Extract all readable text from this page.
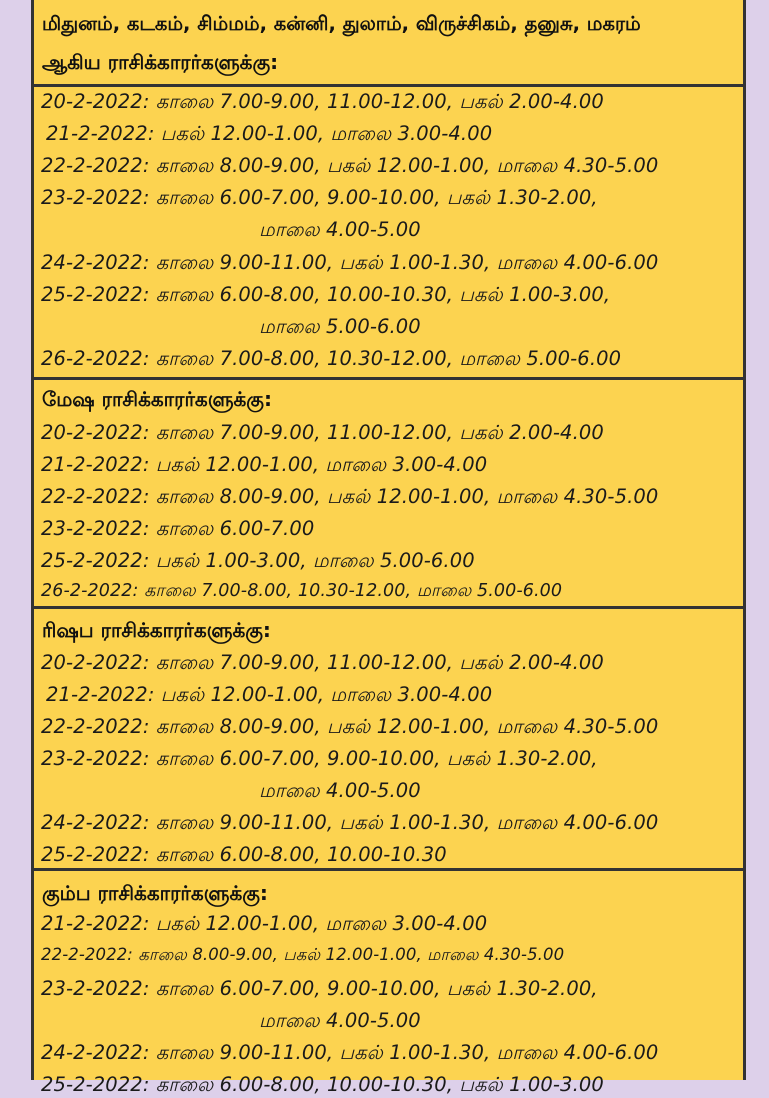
மிதுனம், கடகம், சிம்மம், கன்னி, துலாம், விருச்சிகம், தனுசு, மகரம்
ஆகிய ராசிக்காரர்களுக்கு:
20-2-2022: காலை 7.00-9.00, 11.00-12.00, பகல் 2.00-4.00
21-2-2022: பகல் 12.00-1.00, மாலை 3.00-4.00
22-2-2022: காலை 8.00-9.00, பகல் 12.00-1.00, மாலை 4.30-5.00
23-2-2022: காலை 6.00-7.00, 9.00-10.00, பகல் 1.30-2.00,
மாலை 4.00-5.00
24-2-2022: காலை 9.00-11.00, பகல் 1.00-1.30, மாலை 4.00-6.00
25-2-2022: காலை 6.00-8.00, 10.00-10.30, பகல் 1.00-3.00,
மாலை 5.00-6.00
26-2-2022: காலை 7.00-8.00, 10.30-12.00, மாலை 5.00-6.00
மேஷ ராசிக்காரர்களுக்கு:
20-2-2022: காலை 7.00-9.00, 11.00-12.00, பகல் 2.00-4.00
21-2-2022: பகல் 12.00-1.00, மாலை 3.00-4.00
22-2-2022: காலை 8.00-9.00, பகல் 12.00-1.00, மாலை 4.30-5.00
23-2-2022: காலை 6.00-7.00
25-2-2022: பகல் 1.00-3.00, மாலை 5.00-6.00
26-2-2022: காலை 7.00-8.00, 10.30-12.00, மாலை 5.00-6.00
ரிஷப ராசிக்காரர்களுக்கு:
20-2-2022: காலை 7.00-9.00, 11.00-12.00, பகல் 2.00-4.00
21-2-2022: பகல் 12.00-1.00, மாலை 3.00-4.00
22-2-2022: காலை 8.00-9.00, பகல் 12.00-1.00, மாலை 4.30-5.00
23-2-2022: காலை 6.00-7.00, 9.00-10.00, பகல் 1.30-2.00,
மாலை 4.00-5.00
24-2-2022: காலை 9.00-11.00, பகல் 1.00-1.30, மாலை 4.00-6.00
25-2-2022: காலை 6.00-8.00, 10.00-10.30
கும்ப ராசிக்காரர்களுக்கு:
21-2-2022: பகல் 12.00-1.00, மாலை 3.00-4.00
22-2-2022: காலை 8.00-9.00, பகல் 12.00-1.00, மாலை 4.30-5.00
23-2-2022: காலை 6.00-7.00, 9.00-10.00, பகல் 1.30-2.00,
மாலை 4.00-5.00
24-2-2022: காலை 9.00-11.00, பகல் 1.00-1.30, மாலை 4.00-6.00
25-2-2022: காலை 6.00-8.00, 10.00-10.30, பகல் 1.00-3.00
